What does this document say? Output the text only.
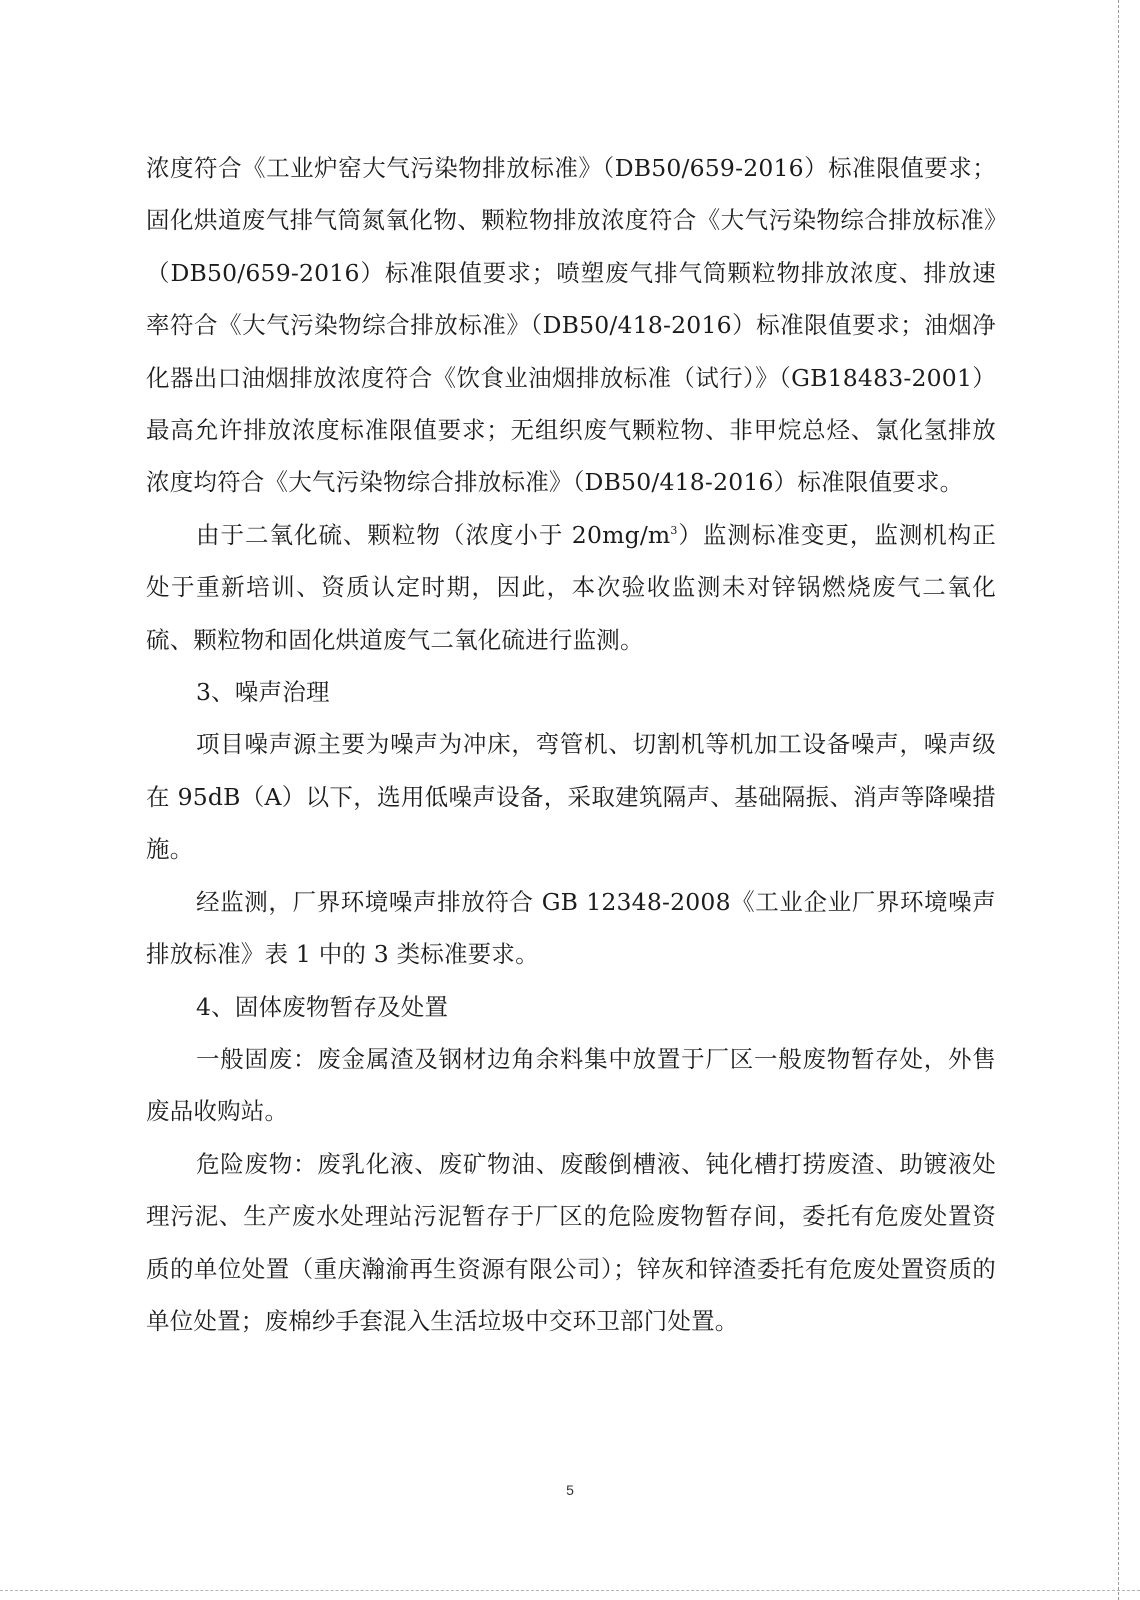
浓度符合《工业炉窑大气污染物排放标准》（DB50/659-2016）标准限值要求；固化烘道废气排气筒氮氧化物、颗粒物排放浓度符合《大气污染物综合排放标准》（DB50/659-2016）标准限值要求；喷塑废气排气筒颗粒物排放浓度、排放速率符合《大气污染物综合排放标准》（DB50/418-2016）标准限值要求；油烟净化器出口油烟排放浓度符合《饮食业油烟排放标准（试行）》（GB18483-2001）最高允许排放浓度标准限值要求；无组织废气颗粒物、非甲烷总烃、氯化氢排放浓度均符合《大气污染物综合排放标准》（DB50/418-2016）标准限值要求。

由于二氧化硫、颗粒物（浓度小于 $20mg/m^3$）监测标准变更，监测机构正处于重新培训、资质认定时期，因此，本次验收监测未对锌锅燃烧废气二氧化硫、颗粒物和固化烘道废气二氧化硫进行监测。

3、噪声治理

项目噪声源主要为噪声为冲床，弯管机、切割机等机加工设备噪声，噪声级在 95dB（A）以下，选用低噪声设备，采取建筑隔声、基础隔振、消声等降噪措施。

经监测，厂界环境噪声排放符合 GB 12348-2008《工业企业厂界环境噪声排放标准》表 1 中的 3 类标准要求。

4、固体废物暂存及处置

一般固废：废金属渣及钢材边角余料集中放置于厂区一般废物暂存处，外售废品收购站。

危险废物：废乳化液、废矿物油、废酸倒槽液、钝化槽打捞废渣、助镀液处理污泥、生产废水处理站污泥暂存于厂区的危险废物暂存间，委托有危废处置资质的单位处置（重庆瀚渝再生资源有限公司）；锌灰和锌渣委托有危废处置资质的单位处置；废棉纱手套混入生活垃圾中交环卫部门处置。

5
